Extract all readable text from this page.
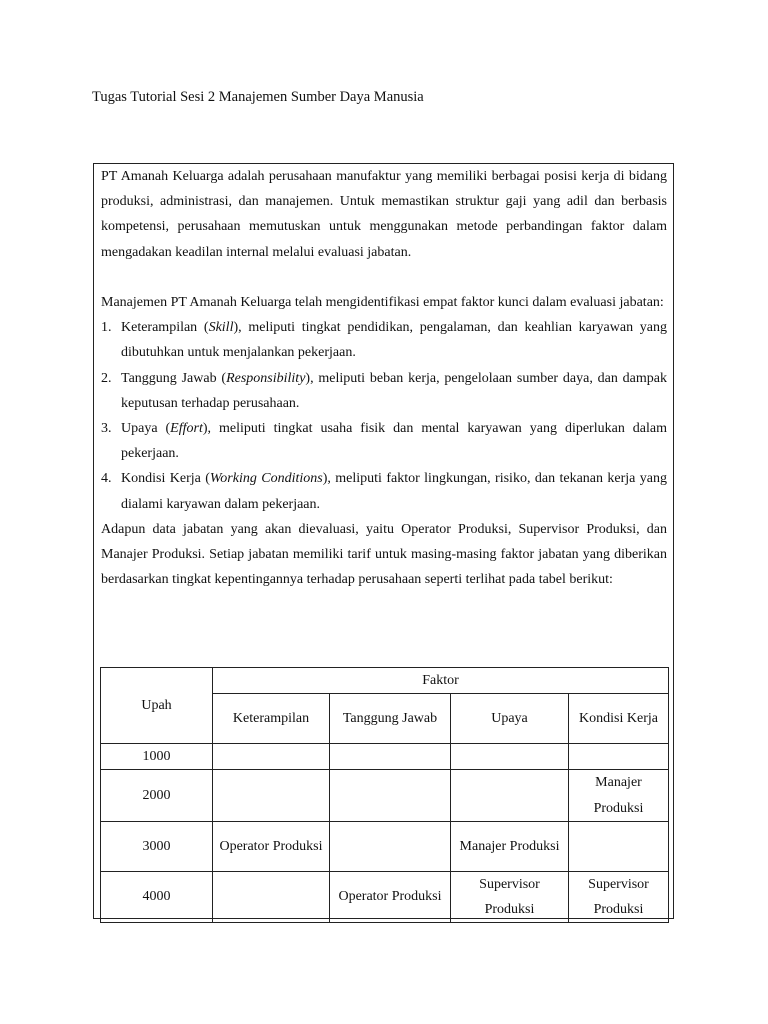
Tugas Tutorial Sesi 2 Manajemen Sumber Daya Manusia

PT Amanah Keluarga adalah perusahaan manufaktur yang memiliki berbagai posisi kerja di bidang produksi, administrasi, dan manajemen. Untuk memastikan struktur gaji yang adil dan berbasis kompetensi, perusahaan memutuskan untuk menggunakan metode perbandingan faktor dalam mengadakan keadilan internal melalui evaluasi jabatan.

Manajemen PT Amanah Keluarga telah mengidentifikasi empat faktor kunci dalam evaluasi jabatan:

1. Keterampilan (Skill), meliputi tingkat pendidikan, pengalaman, dan keahlian karyawan yang dibutuhkan untuk menjalankan pekerjaan.
2. Tanggung Jawab (Responsibility), meliputi beban kerja, pengelolaan sumber daya, dan dampak keputusan terhadap perusahaan.
3. Upaya (Effort), meliputi tingkat usaha fisik dan mental karyawan yang diperlukan dalam pekerjaan.
4. Kondisi Kerja (Working Conditions), meliputi faktor lingkungan, risiko, dan tekanan kerja yang dialami karyawan dalam pekerjaan.

Adapun data jabatan yang akan dievaluasi, yaitu Operator Produksi, Supervisor Produksi, dan Manajer Produksi. Setiap jabatan memiliki tarif untuk masing-masing faktor jabatan yang diberikan berdasarkan tingkat kepentingannya terhadap perusahaan seperti terlihat pada tabel berikut:

Upah	Faktor			
	Keterampilan	Tanggung Jawab	Upaya	Kondisi Kerja
1000				
2000				Manajer Produksi
3000	Operator Produksi		Manajer Produksi	
4000		Operator Produksi	Supervisor Produksi	Supervisor Produksi
